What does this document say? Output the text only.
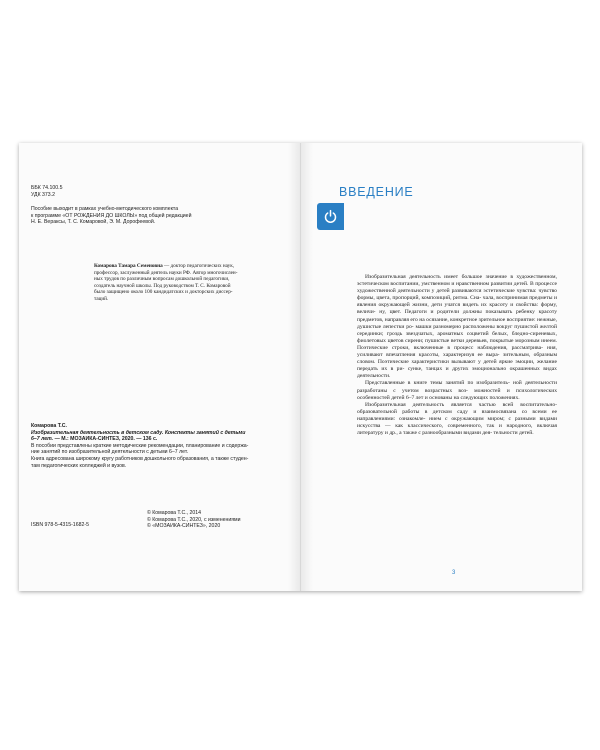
ББК 74.100.5
УДК 373.2
Пособие выходит в рамках учебно-методического комплекта
к программе «ОТ РОЖДЕНИЯ ДО ШКОЛЫ» под общей редакцией
Н. Е. Вераксы, Т. С. Комаровой, Э. М. Дорофеевой.
Комарова Тамара Семеновна — доктор педагогических наук,
профессор, заслуженный деятель науки РФ. Автор многочислен-
ных трудов по различным вопросам дошкольной педагогики,
создатель научной школы. Под руководством Т. С. Комаровой
было защищено около 100 кандидатских и докторских диссер-
таций.
Комарова Т.С.
Изобразительная деятельность в детском саду. Конспекты занятий с детьми
6–7 лет. — М.: МОЗАИКА-СИНТЕЗ, 2020. — 136 с.
В пособии представлены краткие методические рекомендации, планирование и содержа-
ние занятий по изобразительной деятельности с детьми 6–7 лет.
Книга адресована широкому кругу работников дошкольного образования, а также студен-
там педагогических колледжей и вузов.
ISBN 978-5-4315-1682-5
© Комарова Т.С., 2014
© Комарова Т.С., 2020, с изменениями
© «МОЗАИКА-СИНТЕЗ», 2020
ВВЕДЕНИЕ

Изобразительная деятельность имеет большое значение в художественном, эстетическом воспитании, умственном и нравственном развитии детей. В процессе художественной деятельности у детей развиваются эстетические чувства: чувство формы, цвета, пропорций, композиций, ритма. Сна- чала, воспринимая предметы и явления окружающей жизни, дети учатся видеть их красоту и свойства: форму, величи- ну, цвет. Педагоги и родители должны показывать ребенку красоту предметов, направляя его на осязание, конкретное зрительное восприятие: нежные, душистые лепестки ро- машки разномерно расположены вокруг пушистой желтой серединки; гроздь звездчатых, ароматных соцветий белых, бледно-сиреневых, фиолетовых цветов сирени; пушистые ветки деревьев, покрытые морозным инеем. Поэтические строки, включенные в процесс наблюдения, рассматрива- ния, усиливают впечатления красоты, характеризуя ее выра- зительным, образным словом. Поэтические характеристики вызывают у детей яркие эмоции, желание передать их в ри- сунке, танцах и других эмоционально окрашенных видах деятельности.

Представленные в книге темы занятий по изобразитель- ной деятельности разработаны с учетом возрастных воз- можностей и психологических особенностей детей 6–7 лет и основаны на следующих положениях.

Изобразительная деятельность является частью всей воспитательно-образовательной работы в детском саду и взаимосвязана со всеми ее направлениями: ознакомле- нием с окружающим миром; с разными видами искусства — как классического, современного, так и народного, включая литературу и др., а также с разнообразными видами дея- тельности детей.

3
